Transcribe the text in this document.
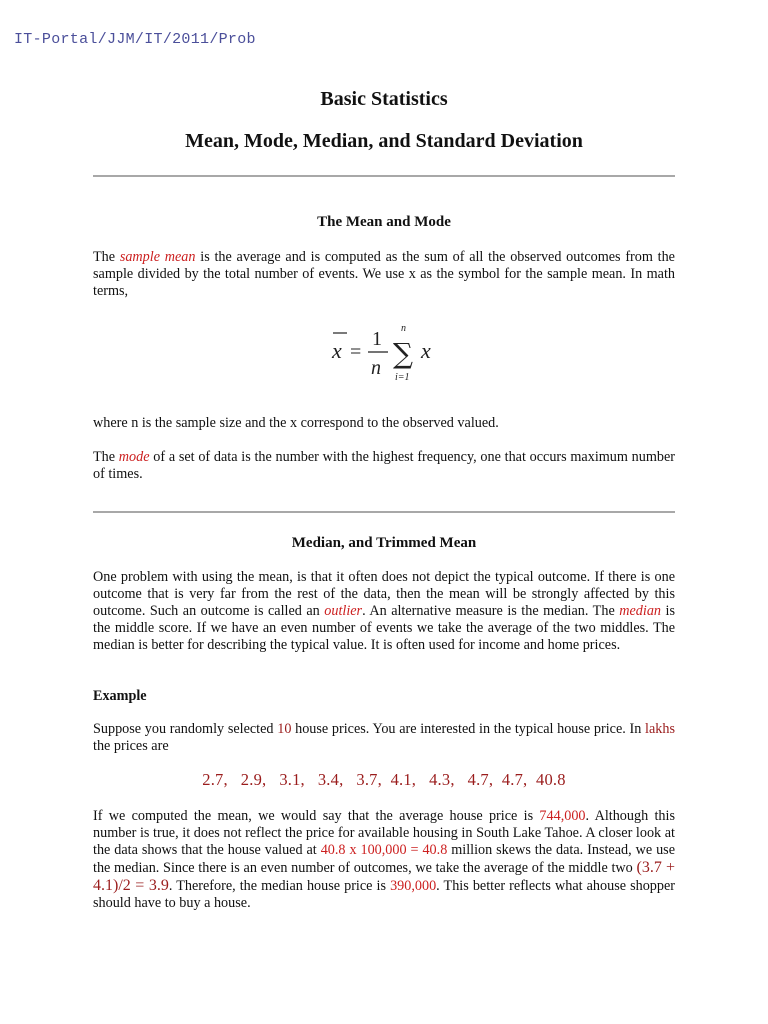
IT-Portal/JJM/IT/2011/Prob
Basic Statistics
Mean, Mode, Median, and Standard Deviation
The Mean and Mode

The sample mean is the average and is computed as the sum of all the observed outcomes from the sample divided by the total number of events. We use x as the symbol for the sample mean. In math terms,

x =
1
n
n
∑
i=1
x

where n is the sample size and the x correspond to the observed valued.

The mode of a set of data is the number with the highest frequency, one that occurs maximum number of times.

Median, and Trimmed Mean

One problem with using the mean, is that it often does not depict the typical outcome. If there is one outcome that is very far from the rest of the data, then the mean will be strongly affected by this outcome. Such an outcome is called an outlier. An alternative measure is the median. The median is the middle score. If we have an even number of events we take the average of the two middles. The median is better for describing the typical value. It is often used for income and home prices.

Example

Suppose you randomly selected 10 house prices. You are interested in the typical house price. In lakhs the prices are

2.7,   2.9,   3.1,   3.4,   3.7,  4.1,   4.3,   4.7,  4.7,  40.8

If we computed the mean, we would say that the average house price is 744,000. Although this number is true, it does not reflect the price for available housing in South Lake Tahoe. A closer look at the data shows that the house valued at 40.8 x 100,000 = 40.8 million skews the data. Instead, we use the median. Since there is an even number of outcomes, we take the average of the middle two (3.7 + 4.1)/2 = 3.9. Therefore, the median house price is 390,000. This better reflects what ahouse shopper should have to buy a house.
